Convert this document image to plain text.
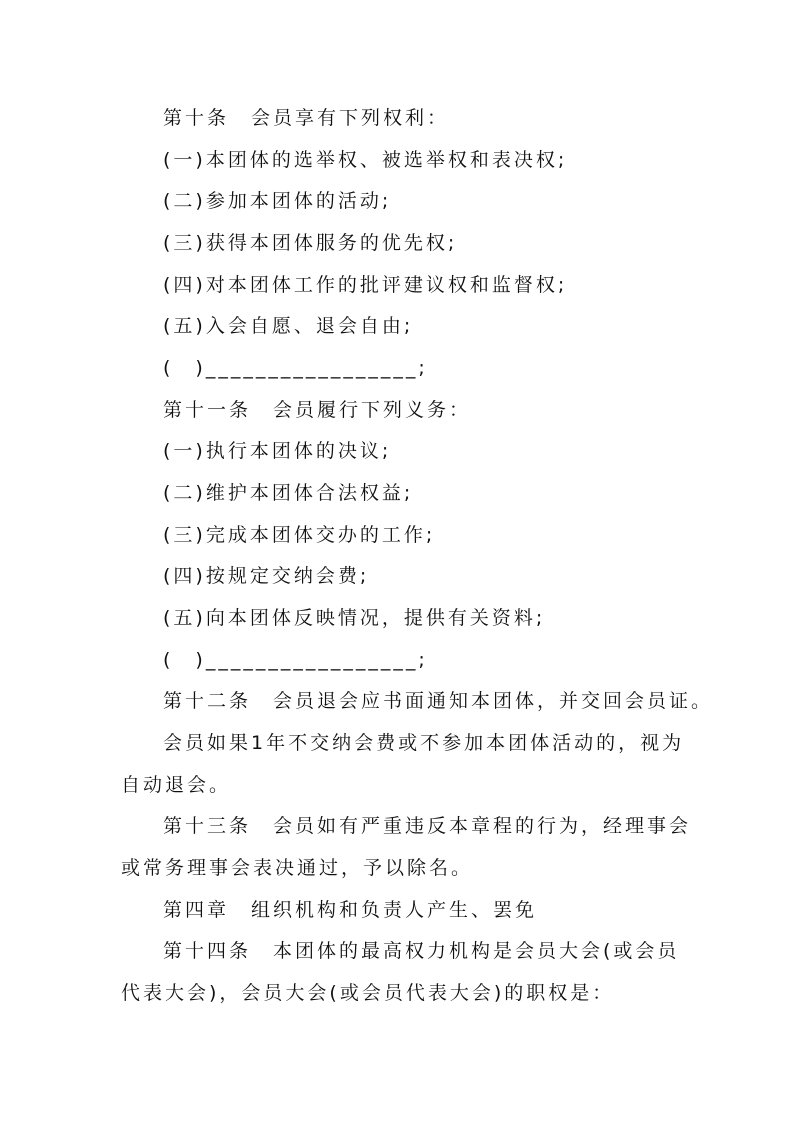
第十条　会员享有下列权利：
(一)本团体的选举权、被选举权和表决权;
(二)参加本团体的活动;
(三)获得本团体服务的优先权;
(四)对本团体工作的批评建议权和监督权;
(五)入会自愿、退会自由;
(　)_________________;
第十一条　会员履行下列义务：
(一)执行本团体的决议;
(二)维护本团体合法权益;
(三)完成本团体交办的工作;
(四)按规定交纳会费;
(五)向本团体反映情况，提供有关资料;
(　)_________________;
第十二条　会员退会应书面通知本团体，并交回会员证。
会员如果1年不交纳会费或不参加本团体活动的，视为
自动退会。
第十三条　会员如有严重违反本章程的行为，经理事会
或常务理事会表决通过，予以除名。
第四章　组织机构和负责人产生、罢免
第十四条　本团体的最高权力机构是会员大会(或会员
代表大会)，会员大会(或会员代表大会)的职权是：
